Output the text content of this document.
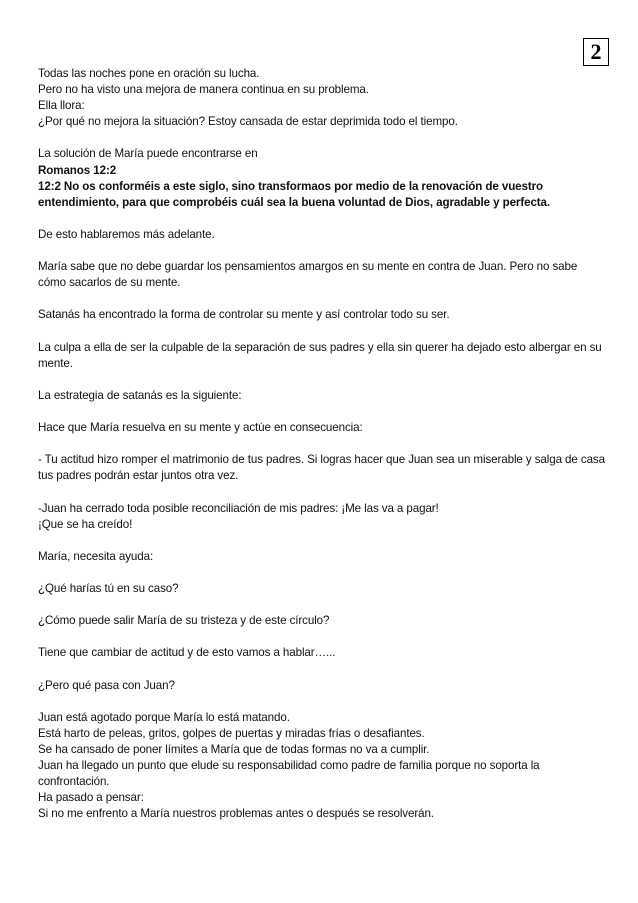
2

Todas las noches pone en oración su lucha.
Pero no ha visto una mejora de manera continua en su problema.
Ella llora:
¿Por qué no mejora la situación? Estoy cansada de estar deprimida todo el tiempo.

La solución de María puede encontrarse en
Romanos 12:2
12:2 No os conforméis a este siglo, sino transformaos por medio de la renovación de vuestro entendimiento, para que comprobéis cuál sea la buena voluntad de Dios, agradable y perfecta.

De esto hablaremos más adelante.

María sabe que no debe guardar los pensamientos amargos en su mente en contra de Juan. Pero no sabe cómo sacarlos de su mente.

Satanás ha encontrado la forma de controlar su mente y así controlar todo su ser.

La culpa a ella de ser la culpable de la separación de sus padres y ella sin querer ha dejado esto albergar en su mente.

La estrategia de satanás es la siguiente:

Hace que María resuelva en su mente y actúe en consecuencia:

- Tu actitud hizo romper el matrimonio de tus padres. Si logras hacer que Juan sea un miserable y salga de casa tus padres podrán estar juntos otra vez.

-Juan ha cerrado toda posible reconciliación de mis padres: ¡Me las va a pagar!
¡Que se ha creído!

María, necesita ayuda:

¿Qué harías tú en su caso?

¿Cómo puede salir María de su tristeza y de este círculo?

Tiene que cambiar de actitud y de esto vamos a hablar…...

¿Pero qué pasa con Juan?

Juan está agotado porque María lo está matando.
Está harto de peleas, gritos, golpes de puertas y miradas frías o desafiantes.
Se ha cansado de poner límites a María que de todas formas no va a cumplir.
Juan ha llegado un punto que elude su responsabilidad como padre de familia porque no soporta la confrontación.
Ha pasado a pensar:
Si no me enfrento a María nuestros problemas antes o después se resolverán.
